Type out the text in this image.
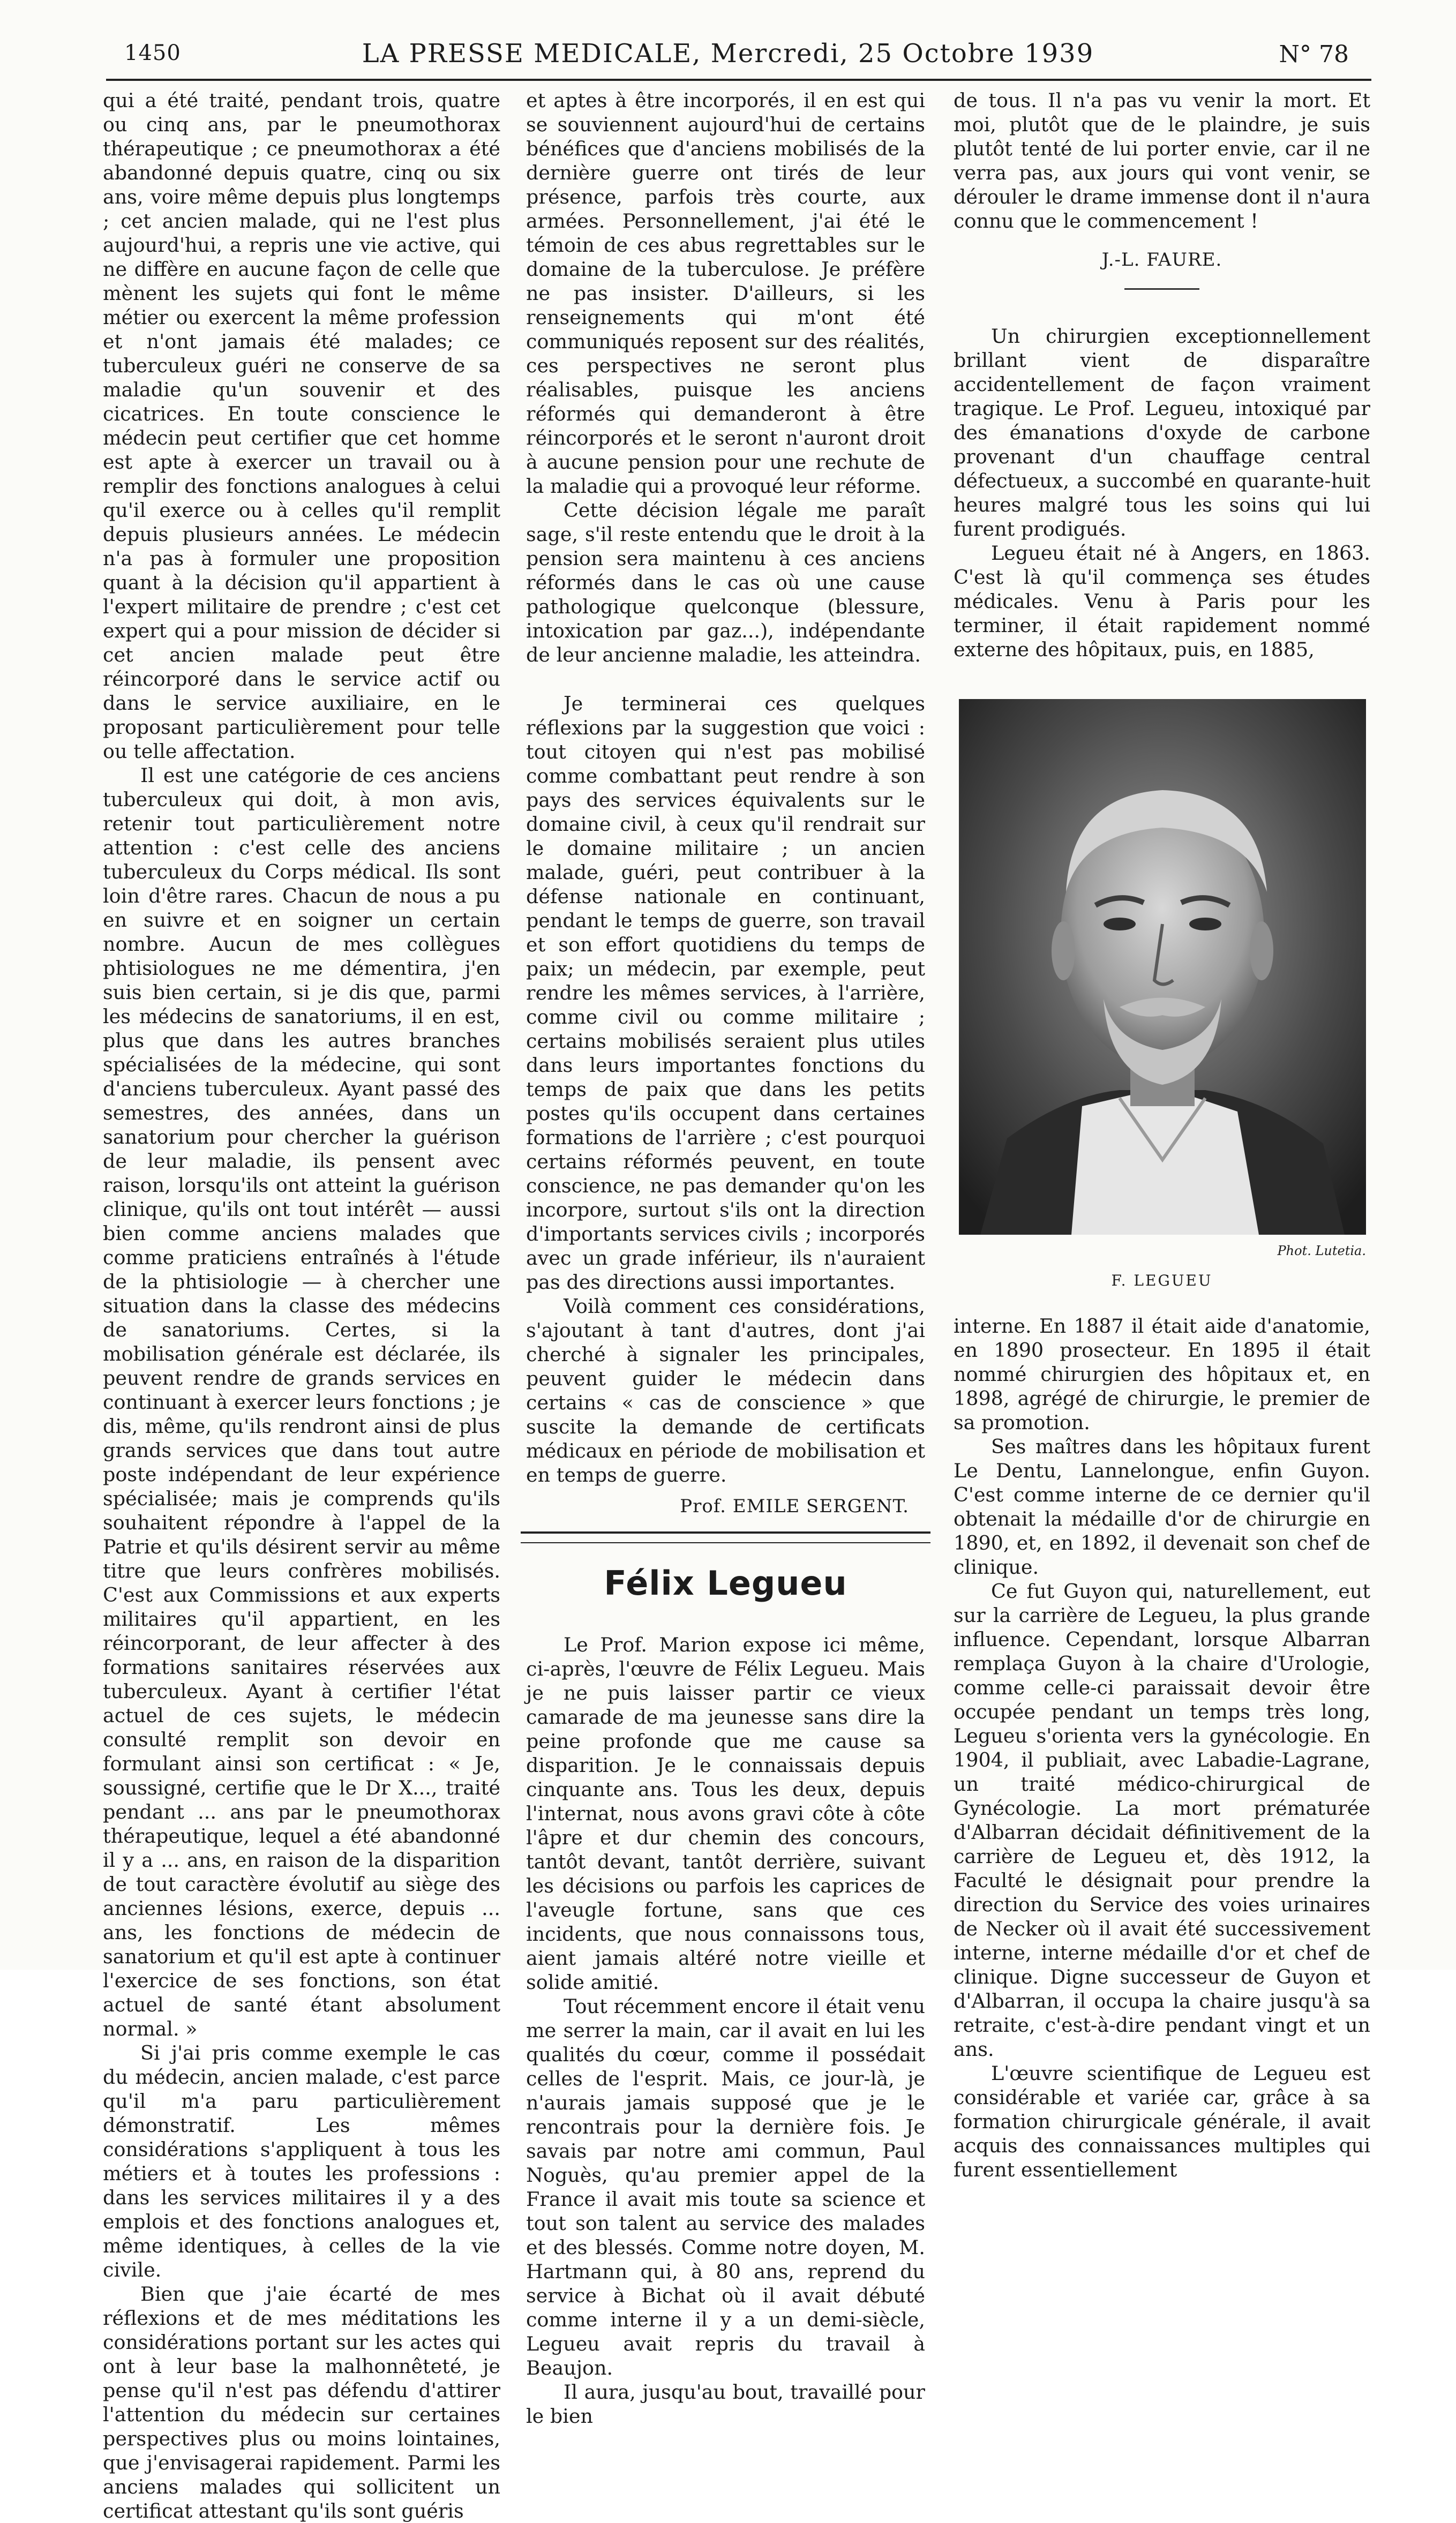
1450	LA PRESSE MEDICALE, Mercredi, 25 Octobre 1939	N° 78

qui a été traité, pendant trois, quatre ou cinq ans, par le pneumothorax thérapeutique ; ce pneumothorax a été abandonné depuis quatre, cinq ou six ans, voire même depuis plus longtemps ; cet ancien malade, qui ne l'est plus aujourd'hui, a repris une vie active, qui ne diffère en aucune façon de celle que mènent les sujets qui font le même métier ou exercent la même profession et n'ont jamais été malades; ce tuberculeux guéri ne conserve de sa maladie qu'un souvenir et des cicatrices. En toute conscience le médecin peut certifier que cet homme est apte à exercer un travail ou à remplir des fonctions analogues à celui qu'il exerce ou à celles qu'il remplit depuis plusieurs années. Le médecin n'a pas à formuler une proposition quant à la décision qu'il appartient à l'expert militaire de prendre ; c'est cet expert qui a pour mission de décider si cet ancien malade peut être réincorporé dans le service actif ou dans le service auxiliaire, en le proposant particulièrement pour telle ou telle affectation.

Il est une catégorie de ces anciens tuberculeux qui doit, à mon avis, retenir tout particulièrement notre attention : c'est celle des anciens tuberculeux du Corps médical. Ils sont loin d'être rares. Chacun de nous a pu en suivre et en soigner un certain nombre. Aucun de mes collègues phtisiologues ne me démentira, j'en suis bien certain, si je dis que, parmi les médecins de sanatoriums, il en est, plus que dans les autres branches spécialisées de la médecine, qui sont d'anciens tuberculeux. Ayant passé des semestres, des années, dans un sanatorium pour chercher la guérison de leur maladie, ils pensent avec raison, lorsqu'ils ont atteint la guérison clinique, qu'ils ont tout intérêt — aussi bien comme anciens malades que comme praticiens entraînés à l'étude de la phtisiologie — à chercher une situation dans la classe des médecins de sanatoriums. Certes, si la mobilisation générale est déclarée, ils peuvent rendre de grands services en continuant à exercer leurs fonctions ; je dis, même, qu'ils rendront ainsi de plus grands services que dans tout autre poste indépendant de leur expérience spécialisée; mais je comprends qu'ils souhaitent répondre à l'appel de la Patrie et qu'ils désirent servir au même titre que leurs confrères mobilisés. C'est aux Commissions et aux experts militaires qu'il appartient, en les réincorporant, de leur affecter à des formations sanitaires réservées aux tuberculeux. Ayant à certifier l'état actuel de ces sujets, le médecin consulté remplit son devoir en formulant ainsi son certificat : « Je, soussigné, certifie que le Dr X..., traité pendant ... ans par le pneumothorax thérapeutique, lequel a été abandonné il y a ... ans, en raison de la disparition de tout caractère évolutif au siège des anciennes lésions, exerce, depuis ... ans, les fonctions de médecin de sanatorium et qu'il est apte à continuer l'exercice de ses fonctions, son état actuel de santé étant absolument normal. »

Si j'ai pris comme exemple le cas du médecin, ancien malade, c'est parce qu'il m'a paru particulièrement démonstratif. Les mêmes considérations s'appliquent à tous les métiers et à toutes les professions : dans les services militaires il y a des emplois et des fonctions analogues et, même identiques, à celles de la vie civile.

Bien que j'aie écarté de mes réflexions et de mes méditations les considérations portant sur les actes qui ont à leur base la malhonnêteté, je pense qu'il n'est pas défendu d'attirer l'attention du médecin sur certaines perspectives plus ou moins lointaines, que j'envisagerai rapidement. Parmi les anciens malades qui sollicitent un certificat attestant qu'ils sont guéris

et aptes à être incorporés, il en est qui se souviennent aujourd'hui de certains bénéfices que d'anciens mobilisés de la dernière guerre ont tirés de leur présence, parfois très courte, aux armées. Personnellement, j'ai été le témoin de ces abus regrettables sur le domaine de la tuberculose. Je préfère ne pas insister. D'ailleurs, si les renseignements qui m'ont été communiqués reposent sur des réalités, ces perspectives ne seront plus réalisables, puisque les anciens réformés qui demanderont à être réincorporés et le seront n'auront droit à aucune pension pour une rechute de la maladie qui a provoqué leur réforme.

Cette décision légale me paraît sage, s'il reste entendu que le droit à la pension sera maintenu à ces anciens réformés dans le cas où une cause pathologique quelconque (blessure, intoxication par gaz...), indépendante de leur ancienne maladie, les atteindra.

Je terminerai ces quelques réflexions par la suggestion que voici : tout citoyen qui n'est pas mobilisé comme combattant peut rendre à son pays des services équivalents sur le domaine civil, à ceux qu'il rendrait sur le domaine militaire ; un ancien malade, guéri, peut contribuer à la défense nationale en continuant, pendant le temps de guerre, son travail et son effort quotidiens du temps de paix; un médecin, par exemple, peut rendre les mêmes services, à l'arrière, comme civil ou comme militaire ; certains mobilisés seraient plus utiles dans leurs importantes fonctions du temps de paix que dans les petits postes qu'ils occupent dans certaines formations de l'arrière ; c'est pourquoi certains réformés peuvent, en toute conscience, ne pas demander qu'on les incorpore, surtout s'ils ont la direction d'importants services civils ; incorporés avec un grade inférieur, ils n'auraient pas des directions aussi importantes.

Voilà comment ces considérations, s'ajoutant à tant d'autres, dont j'ai cherché à signaler les principales, peuvent guider le médecin dans certains « cas de conscience » que suscite la demande de certificats médicaux en période de mobilisation et en temps de guerre.

Prof. EMILE SERGENT.
Félix Legueu

Le Prof. Marion expose ici même, ci-après, l'œuvre de Félix Legueu. Mais je ne puis laisser partir ce vieux camarade de ma jeunesse sans dire la peine profonde que me cause sa disparition. Je le connaissais depuis cinquante ans. Tous les deux, depuis l'internat, nous avons gravi côte à côte l'âpre et dur chemin des concours, tantôt devant, tantôt derrière, suivant les décisions ou parfois les caprices de l'aveugle fortune, sans que ces incidents, que nous connaissons tous, aient jamais altéré notre vieille et solide amitié.

Tout récemment encore il était venu me serrer la main, car il avait en lui les qualités du cœur, comme il possédait celles de l'esprit. Mais, ce jour-là, je n'aurais jamais supposé que je le rencontrais pour la dernière fois. Je savais par notre ami commun, Paul Noguès, qu'au premier appel de la France il avait mis toute sa science et tout son talent au service des malades et des blessés. Comme notre doyen, M. Hartmann qui, à 80 ans, reprend du service à Bichat où il avait débuté comme interne il y a un demi-siècle, Legueu avait repris du travail à Beaujon.

Il aura, jusqu'au bout, travaillé pour le bien

de tous. Il n'a pas vu venir la mort. Et moi, plutôt que de le plaindre, je suis plutôt tenté de lui porter envie, car il ne verra pas, aux jours qui vont venir, se dérouler le drame immense dont il n'aura connu que le commencement !

J.-L. FAURE.

Un chirurgien exceptionnellement brillant vient de disparaître accidentellement de façon vraiment tragique. Le Prof. Legueu, intoxiqué par des émanations d'oxyde de carbone provenant d'un chauffage central défectueux, a succombé en quarante-huit heures malgré tous les soins qui lui furent prodigués.

Legueu était né à Angers, en 1863. C'est là qu'il commença ses études médicales. Venu à Paris pour les terminer, il était rapidement nommé externe des hôpitaux, puis, en 1885,

Phot. Lutetia.
F. LEGUEU

interne. En 1887 il était aide d'anatomie, en 1890 prosecteur. En 1895 il était nommé chirurgien des hôpitaux et, en 1898, agrégé de chirurgie, le premier de sa promotion.

Ses maîtres dans les hôpitaux furent Le Dentu, Lannelongue, enfin Guyon. C'est comme interne de ce dernier qu'il obtenait la médaille d'or de chirurgie en 1890, et, en 1892, il devenait son chef de clinique.

Ce fut Guyon qui, naturellement, eut sur la carrière de Legueu, la plus grande influence. Cependant, lorsque Albarran remplaça Guyon à la chaire d'Urologie, comme celle-ci paraissait devoir être occupée pendant un temps très long, Legueu s'orienta vers la gynécologie. En 1904, il publiait, avec Labadie-Lagrane, un traité médico-chirurgical de Gynécologie. La mort prématurée d'Albarran décidait définitivement de la carrière de Legueu et, dès 1912, la Faculté le désignait pour prendre la direction du Service des voies urinaires de Necker où il avait été successivement interne, interne médaille d'or et chef de clinique. Digne successeur de Guyon et d'Albarran, il occupa la chaire jusqu'à sa retraite, c'est-à-dire pendant vingt et un ans.

L'œuvre scientifique de Legueu est considérable et variée car, grâce à sa formation chirurgicale générale, il avait acquis des connaissances multiples qui furent essentiellement
